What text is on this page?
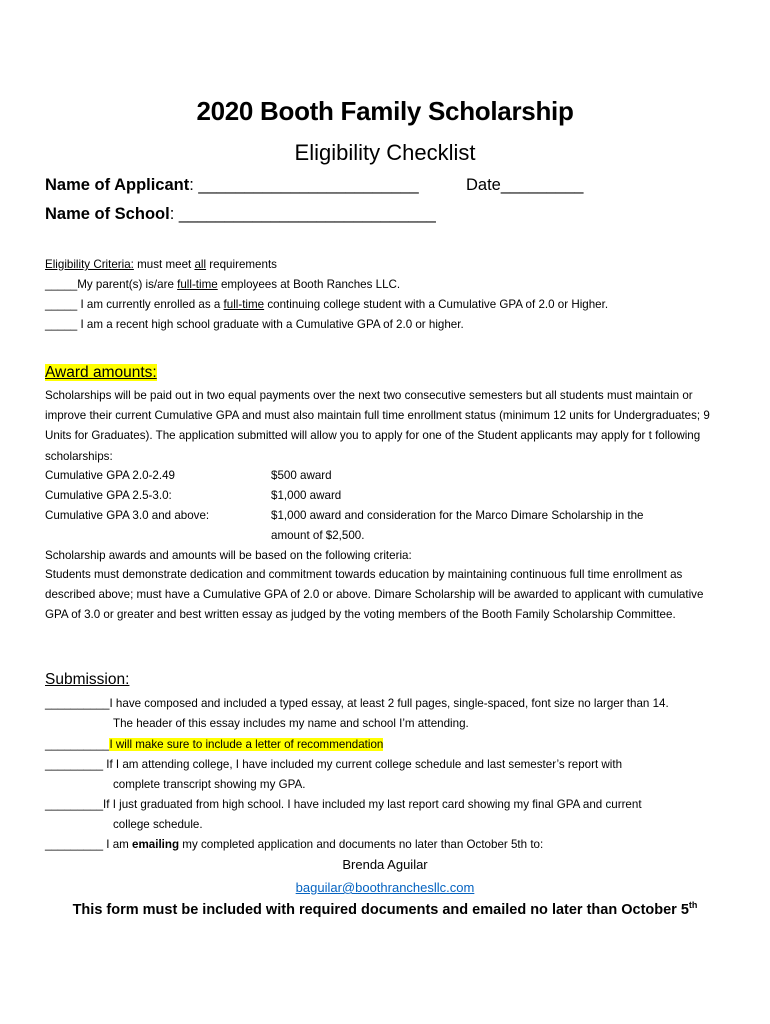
2020 Booth Family Scholarship
Eligibility Checklist
Name of Applicant: ________________________	Date_________
Name of School: ____________________________
Eligibility Criteria: must meet all requirements
_____My parent(s) is/are full-time employees at Booth Ranches LLC.
_____ I am currently enrolled as a full-time continuing college student with a Cumulative GPA of 2.0 or Higher.
_____ I am a recent high school graduate with a Cumulative GPA of 2.0 or higher.
Award amounts:
Scholarships will be paid out in two equal payments over the next two consecutive semesters but all students must maintain or improve their current Cumulative GPA and must also maintain full time enrollment status (minimum 12 units for Undergraduates; 9 Units for Graduates). The application submitted will allow you to apply for one of the Student applicants may apply for t following scholarships:
Cumulative GPA 2.0-2.49	$500 award
Cumulative GPA 2.5-3.0:	$1,000 award
Cumulative GPA 3.0 and above:	$1,000 award and consideration for the Marco Dimare Scholarship in the
amount of $2,500.
Scholarship awards and amounts will be based on the following criteria:
Students must demonstrate dedication and commitment towards education by maintaining continuous full time enrollment as described above; must have a Cumulative GPA of 2.0 or above. Dimare Scholarship will be awarded to applicant with cumulative GPA of 3.0 or greater and best written essay as judged by the voting members of the Booth Family Scholarship Committee.
Submission:
__________I have composed and included a typed essay, at least 2 full pages, single-spaced, font size no larger than 14.
The header of this essay includes my name and school I’m attending.
__________I will make sure to include a letter of recommendation
_________ If I am attending college, I have included my current college schedule and last semester’s report with
complete transcript showing my GPA.
_________If I just graduated from high school. I have included my last report card showing my final GPA and current
college schedule.
_________ I am emailing my completed application and documents no later than October 5th to:
Brenda Aguilar
baguilar@boothranchesllc.com
This form must be included with required documents and emailed no later than October 5th
